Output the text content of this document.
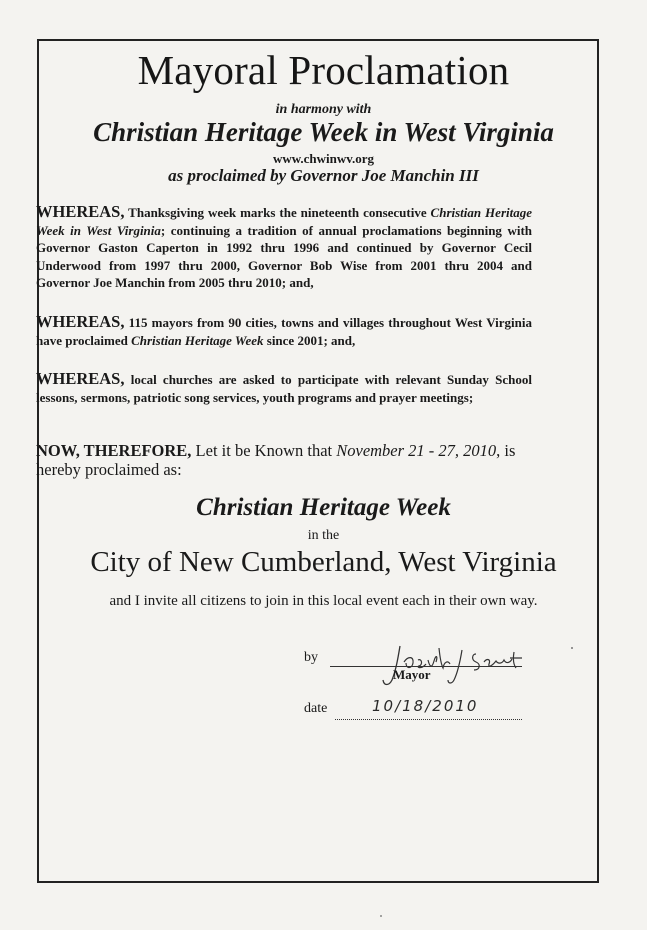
Mayoral Proclamation
in harmony with
Christian Heritage Week in West Virginia
www.chwinwv.org
as proclaimed by Governor Joe Manchin III
WHEREAS, Thanksgiving week marks the nineteenth consecutive Christian Heritage Week in West Virginia; continuing a tradition of annual proclamations beginning with Governor Gaston Caperton in 1992 thru 1996 and continued by Governor Cecil Underwood from 1997 thru 2000, Governor Bob Wise from 2001 thru 2004 and Governor Joe Manchin from 2005 thru 2010; and,
WHEREAS, 115 mayors from 90 cities, towns and villages throughout West Virginia have proclaimed Christian Heritage Week since 2001; and,
WHEREAS, local churches are asked to participate with relevant Sunday School lessons, sermons, patriotic song services, youth programs and prayer meetings;
NOW, THEREFORE, Let it be Known that November 21 - 27, 2010, is hereby proclaimed as:
Christian Heritage Week
in the
City of New Cumberland, West Virginia
and I invite all citizens to join in this local event each in their own way.
by
Mayor
date	10/18/2010
